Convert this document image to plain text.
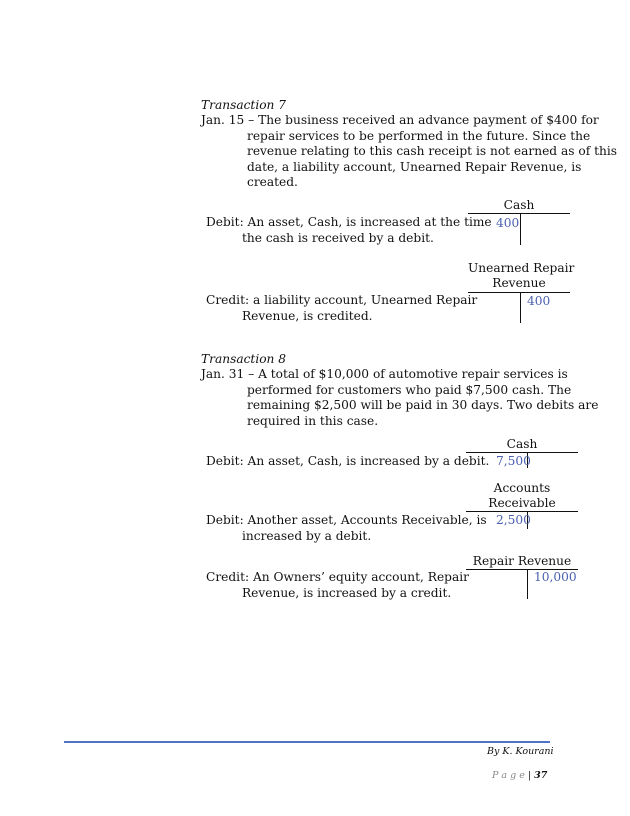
Transaction 7
Jan. 15 – The business received an advance payment of $400 for
repair services to be performed in the future. Since the
revenue relating to this cash receipt is not earned as of this
date, a liability account, Unearned Repair Revenue, is
created.
Debit: An asset, Cash, is increased at the time
the cash is received by a debit.
Cash
400
Credit: a liability account, Unearned Repair
Revenue, is credited.
Unearned Repair
Revenue
400
Transaction 8
Jan. 31 – A total of $10,000 of automotive repair services is
performed for customers who paid $7,500 cash. The
remaining $2,500 will be paid in 30 days. Two debits are
required in this case.
Debit: An asset, Cash, is increased by a debit.
Cash
7,500
Debit: Another asset, Accounts Receivable, is
increased by a debit.
Accounts
Receivable
2,500
Credit: An Owners’ equity account, Repair
Revenue, is increased by a credit.
Repair Revenue
10,000
By K. Kourani
P a g e | 37
